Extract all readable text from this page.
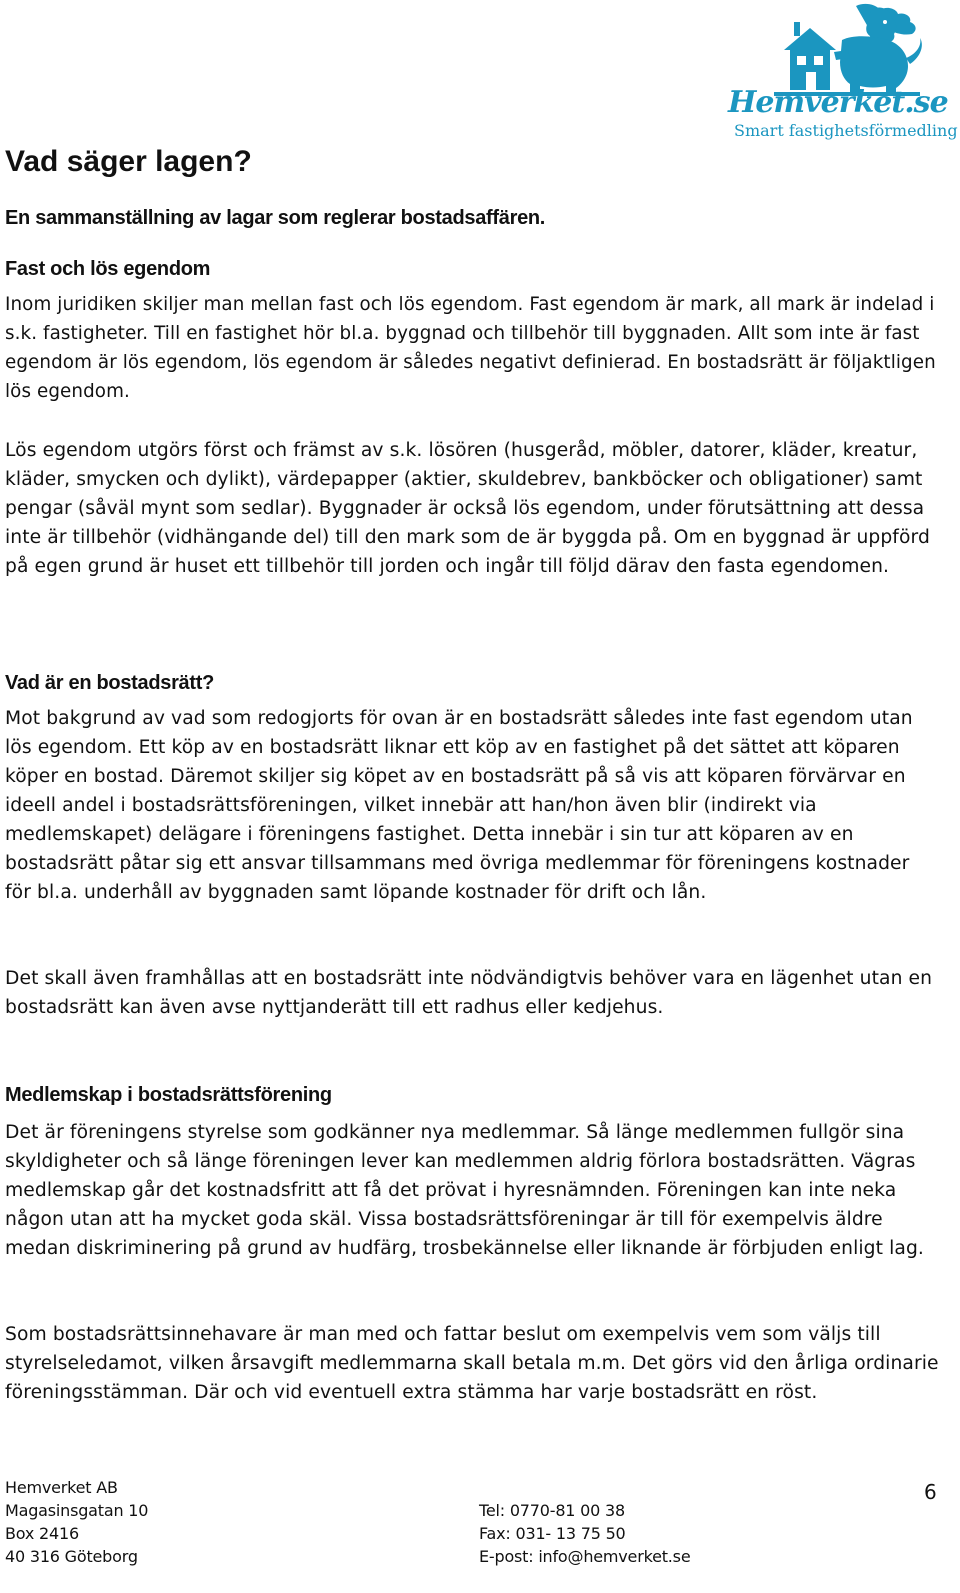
Hemverket.se
Smart fastighetsförmedling
Vad säger lagen?
En sammanställning av lagar som reglerar bostadsaffären.
Fast och lös egendom

Inom juridiken skiljer man mellan fast och lös egendom. Fast egendom är mark, all mark är indelad i s.k. fastigheter. Till en fastighet hör bl.a. byggnad och tillbehör till byggnaden. Allt som inte är fast egendom är lös egendom, lös egendom är således negativt definierad. En bostadsrätt är följaktligen lös egendom.

Lös egendom utgörs först och främst av s.k. lösören (husgeråd, möbler, datorer, kläder, kreatur, kläder, smycken och dylikt), värdepapper (aktier, skuldebrev, bankböcker och obligationer) samt pengar (såväl mynt som sedlar). Byggnader är också lös egendom, under förutsättning att dessa inte är tillbehör (vidhängande del) till den mark som de är byggda på. Om en byggnad är uppförd på egen grund är huset ett tillbehör till jorden och ingår till följd därav den fasta egendomen.

Vad är en bostadsrätt?

Mot bakgrund av vad som redogjorts för ovan är en bostadsrätt således inte fast egendom utan lös egendom. Ett köp av en bostadsrätt liknar ett köp av en fastighet på det sättet att köparen köper en bostad. Däremot skiljer sig köpet av en bostadsrätt på så vis att köparen förvärvar en ideell andel i bostadsrättsföreningen, vilket innebär att han/hon även blir (indirekt via medlemskapet) delägare i föreningens fastighet. Detta innebär i sin tur att köparen av en bostadsrätt påtar sig ett ansvar tillsammans med övriga medlemmar för föreningens kostnader för bl.a. underhåll av byggnaden samt löpande kostnader för drift och lån.

Det skall även framhållas att en bostadsrätt inte nödvändigtvis behöver vara en lägenhet utan en bostadsrätt kan även avse nyttjanderätt till ett radhus eller kedjehus.

Medlemskap i bostadsrättsförening

Det är föreningens styrelse som godkänner nya medlemmar. Så länge medlemmen fullgör sina skyldigheter och så länge föreningen lever kan medlemmen aldrig förlora bostadsrätten. Vägras medlemskap går det kostnadsfritt att få det prövat i hyresnämnden. Föreningen kan inte neka någon utan att ha mycket goda skäl. Vissa bostadsrättsföreningar är till för exempelvis äldre medan diskriminering på grund av hudfärg, trosbekännelse eller liknande är förbjuden enligt lag.

Som bostadsrättsinnehavare är man med och fattar beslut om exempelvis vem som väljs till styrelseledamot, vilken årsavgift medlemmarna skall betala m.m. Det görs vid den årliga ordinarie föreningsstämman. Där och vid eventuell extra stämma har varje bostadsrätt en röst.

Hemverket AB

Magasinsgatan 10

Box 2416

40 316 Göteborg

Tel: 0770-81 00 38

Fax: 031- 13 75 50

E-post: info@hemverket.se

6
